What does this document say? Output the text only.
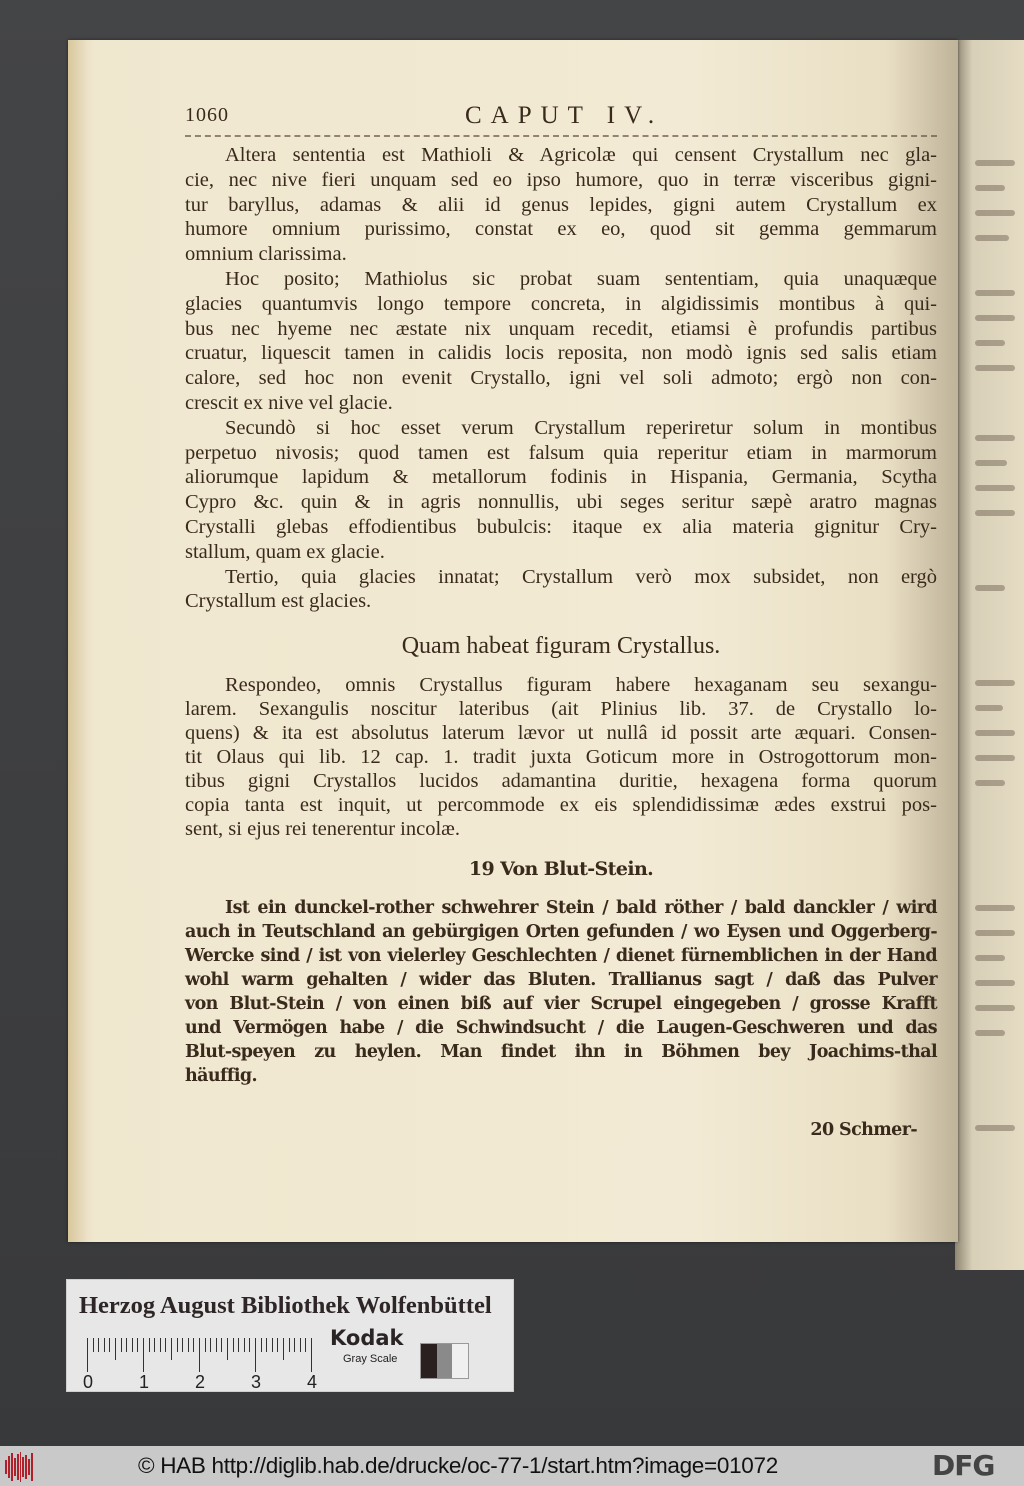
1060	CAPUT IV.
Altera sententia est Mathioli & Agricolæ qui censent Crystallum nec gla-
cie, nec nive fieri unquam sed eo ipso humore, quo in terræ visceribus gigni-
tur baryllus, adamas & alii id genus lepides, gigni autem Crystallum ex
humore omnium purissimo, constat ex eo, quod sit gemma gemmarum
omnium clarissima.
Hoc posito; Mathiolus sic probat suam sententiam, quia unaquæque
glacies quantumvis longo tempore concreta, in algidissimis montibus à qui-
bus nec hyeme nec æstate nix unquam recedit, etiamsi è profundis partibus
cruatur, liquescit tamen in calidis locis reposita, non modò ignis sed salis etiam
calore, sed hoc non evenit Crystallo, igni vel soli admoto; ergò non con-
crescit ex nive vel glacie.
Secundò si hoc esset verum Crystallum reperiretur solum in montibus
perpetuo nivosis; quod tamen est falsum quia reperitur etiam in marmorum
aliorumque lapidum & metallorum fodinis in Hispania, Germania, Scytha
Cypro &c. quin & in agris nonnullis, ubi seges seritur sæpè aratro magnas
Crystalli glebas effodientibus bubulcis: itaque ex alia materia gignitur Cry-
stallum, quam ex glacie.
Tertio, quia glacies innatat; Crystallum verò mox subsidet, non ergò
Crystallum est glacies.
Quam habeat figuram Crystallus.
Respondeo, omnis Crystallus figuram habere hexaganam seu sexangu-
larem. Sexangulis noscitur lateribus (ait Plinius lib. 37. de Crystallo lo-
quens) & ita est absolutus laterum lævor ut nullâ id possit arte æquari. Consen-
tit Olaus qui lib. 12 cap. 1. tradit juxta Goticum more in Ostrogottorum mon-
tibus gigni Crystallos lucidos adamantina duritie, hexagena forma quorum
copia tanta est inquit, ut percommode ex eis splendidissimæ ædes exstrui pos-
sent, si ejus rei tenerentur incolæ.
19 Von Blut-Stein.
Ist ein dunckel-rother schwehrer Stein / bald röther / bald danckler / wird
auch in Teutschland an gebürgigen Orten gefunden / wo Eysen und Oggerberg-
Wercke sind / ist von vielerley Geschlechten / dienet fürnemblichen in der Hand
wohl warm gehalten / wider das Bluten. Trallianus sagt / daß das Pulver
von Blut-Stein / von einen biß auf vier Scrupel eingegeben / grosse Krafft
und Vermögen habe / die Schwindsucht / die Laugen-Geschweren und das
Blut-speyen zu heylen. Man findet ihn in Böhmen bey Joachims-thal
häuffig.
20 Schmer-
Herzog August Bibliothek Wolfenbüttel
0	1	2	3	4
Kodak
Gray Scale
© HAB http://diglib.hab.de/drucke/oc-77-1/start.htm?image=01072	DFG
